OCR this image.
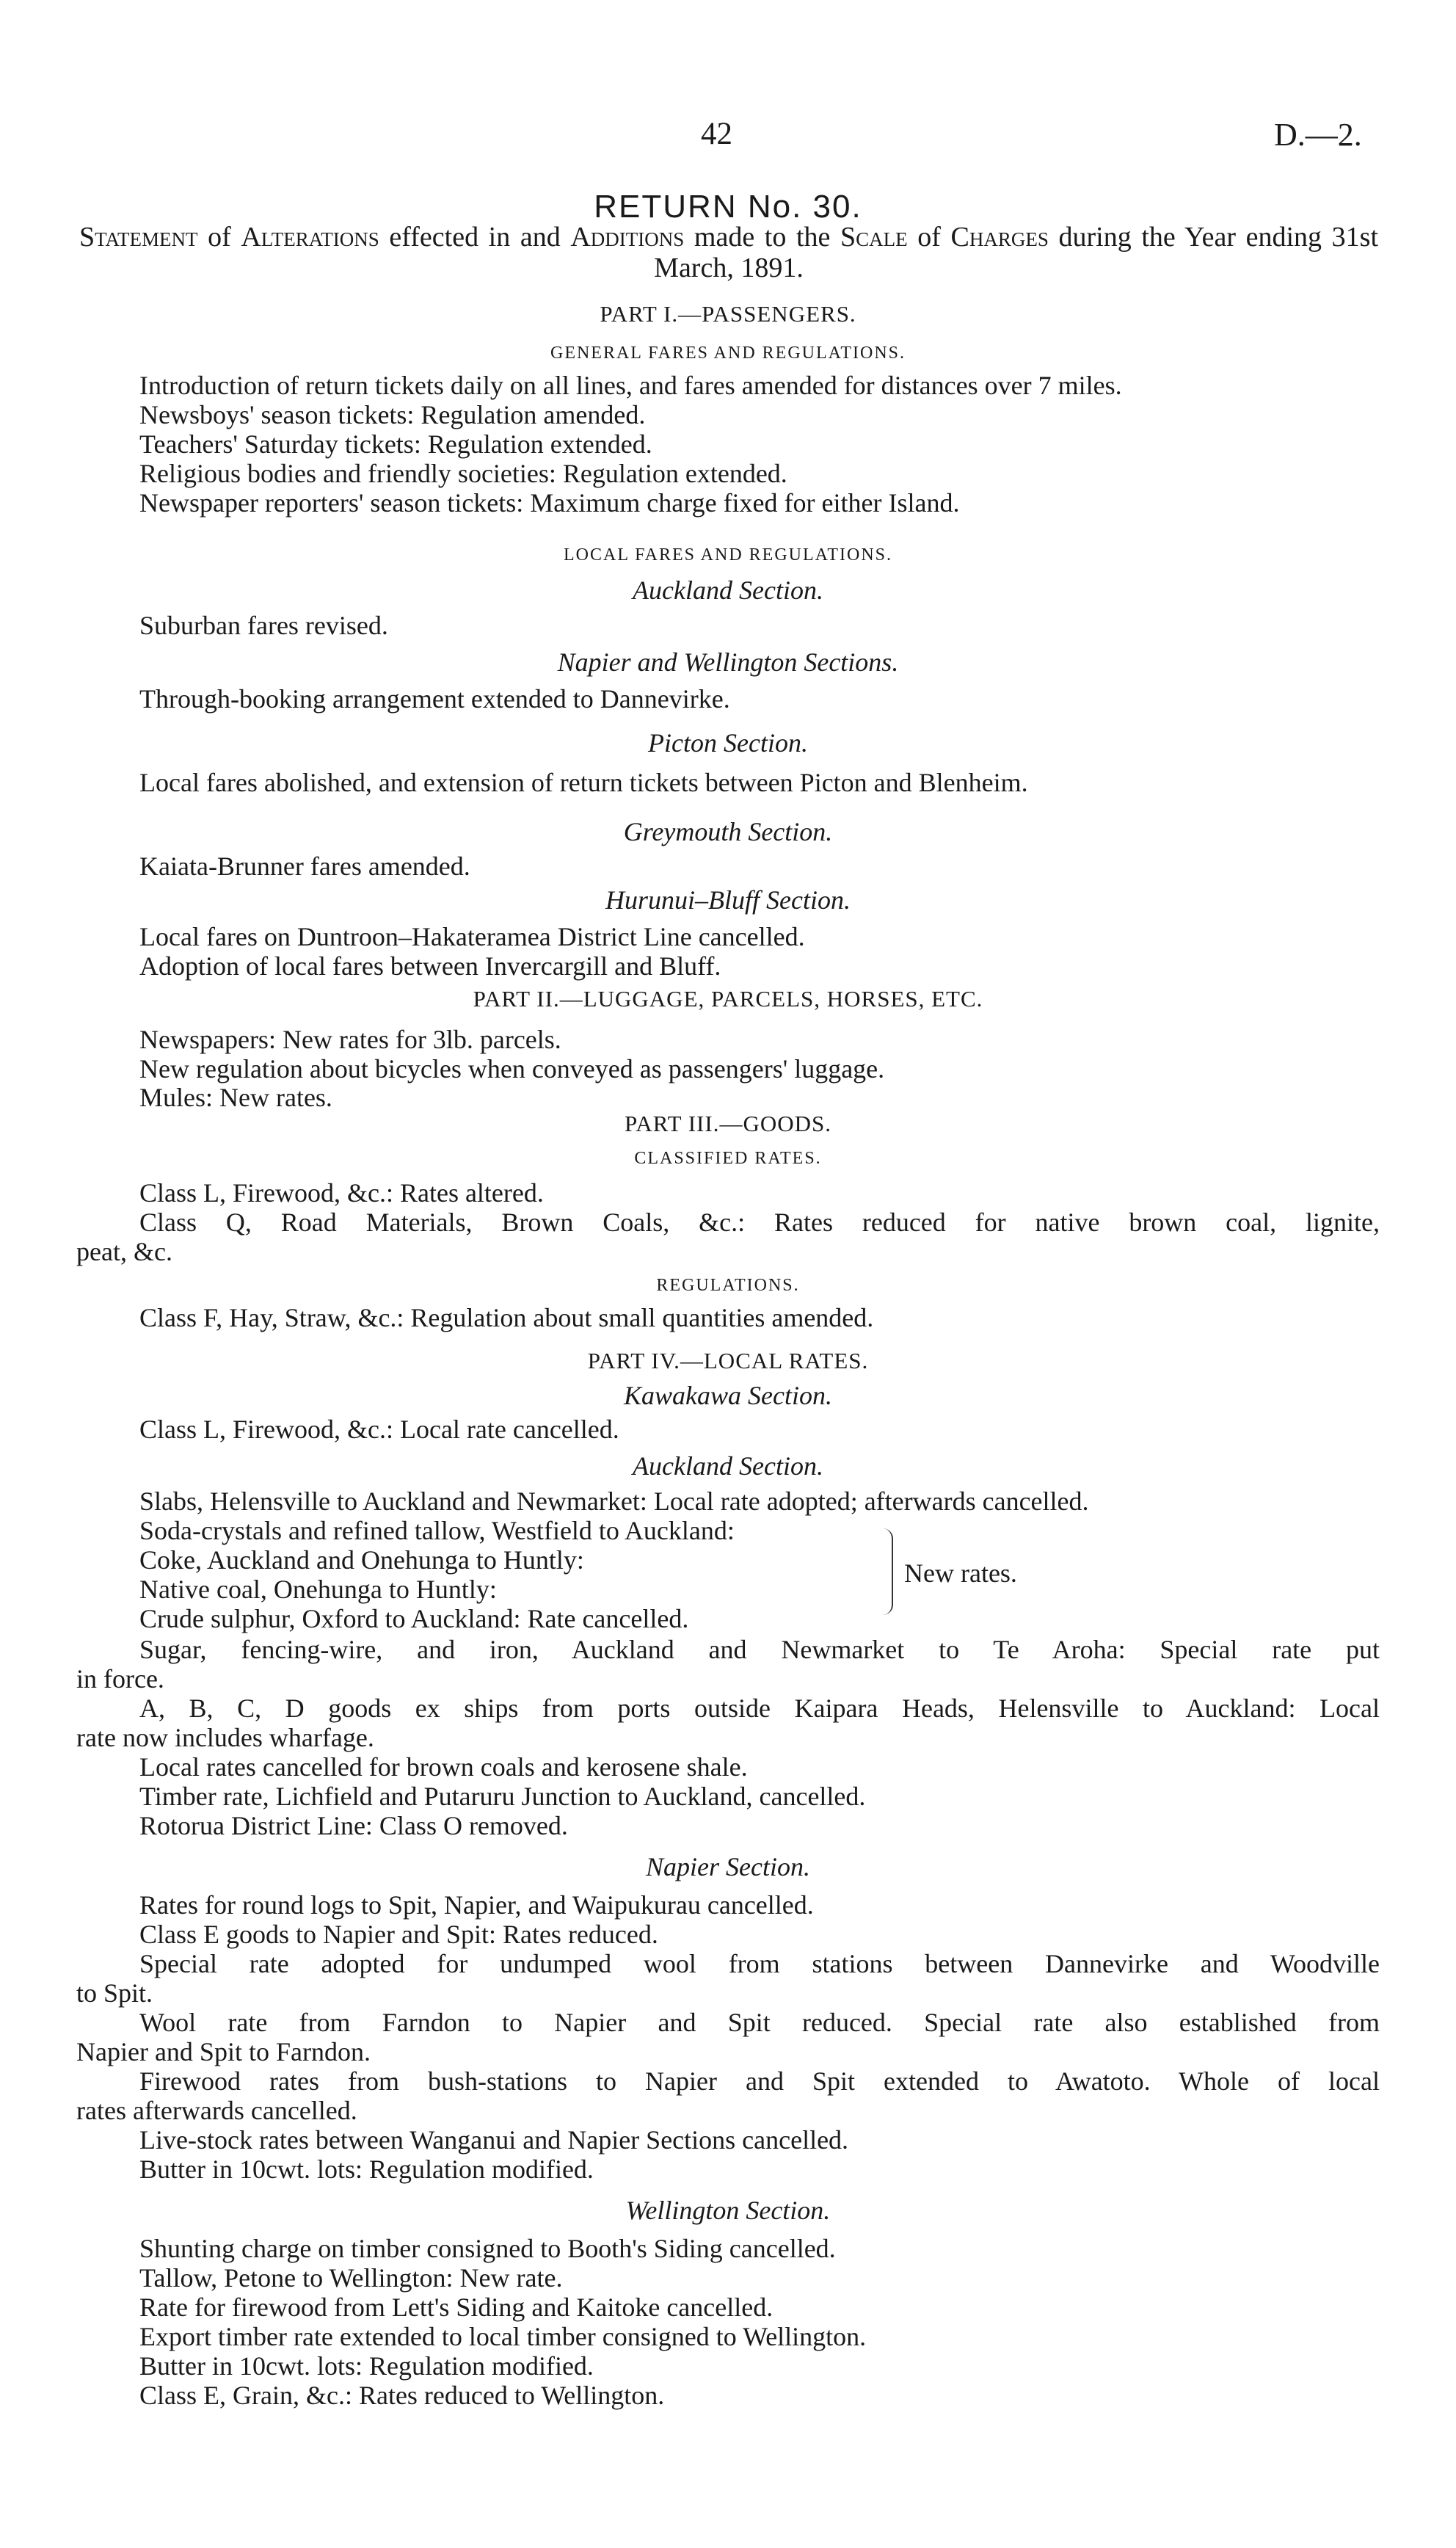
42	D.—2.
RETURN No. 30.
Statement of Alterations effected in and Additions made to the Scale of Charges during the Year ending 31st March, 1891.
PART I.—PASSENGERS.
GENERAL FARES AND REGULATIONS.
Introduction of return tickets daily on all lines, and fares amended for distances over 7 miles.
Newsboys' season tickets: Regulation amended.
Teachers' Saturday tickets: Regulation extended.
Religious bodies and friendly societies: Regulation extended.
Newspaper reporters' season tickets: Maximum charge fixed for either Island.
LOCAL FARES AND REGULATIONS.
Auckland Section.
Suburban fares revised.
Napier and Wellington Sections.
Through-booking arrangement extended to Dannevirke.
Picton Section.
Local fares abolished, and extension of return tickets between Picton and Blenheim.
Greymouth Section.
Kaiata-Brunner fares amended.
Hurunui–Bluff Section.
Local fares on Duntroon–Hakateramea District Line cancelled.
Adoption of local fares between Invercargill and Bluff.
PART II.—LUGGAGE, PARCELS, HORSES, ETC.
Newspapers: New rates for 3lb. parcels.
New regulation about bicycles when conveyed as passengers' luggage.
Mules: New rates.
PART III.—GOODS.
CLASSIFIED RATES.
Class L, Firewood, &c.: Rates altered.
Class Q, Road Materials, Brown Coals, &c.: Rates reduced for native brown coal, lignite,
peat, &c.
REGULATIONS.
Class F, Hay, Straw, &c.: Regulation about small quantities amended.
PART IV.—LOCAL RATES.
Kawakawa Section.
Class L, Firewood, &c.: Local rate cancelled.
Auckland Section.
Slabs, Helensville to Auckland and Newmarket: Local rate adopted; afterwards cancelled.
Soda-crystals and refined tallow, Westfield to Auckland:
Coke, Auckland and Onehunga to Huntly:
Native coal, Onehunga to Huntly:
New rates.
Crude sulphur, Oxford to Auckland: Rate cancelled.
Sugar, fencing-wire, and iron, Auckland and Newmarket to Te Aroha: Special rate put
in force.
A, B, C, D goods ex ships from ports outside Kaipara Heads, Helensville to Auckland: Local
rate now includes wharfage.
Local rates cancelled for brown coals and kerosene shale.
Timber rate, Lichfield and Putaruru Junction to Auckland, cancelled.
Rotorua District Line: Class O removed.
Napier Section.
Rates for round logs to Spit, Napier, and Waipukurau cancelled.
Class E goods to Napier and Spit: Rates reduced.
Special rate adopted for undumped wool from stations between Dannevirke and Woodville
to Spit.
Wool rate from Farndon to Napier and Spit reduced. Special rate also established from
Napier and Spit to Farndon.
Firewood rates from bush-stations to Napier and Spit extended to Awatoto. Whole of local
rates afterwards cancelled.
Live-stock rates between Wanganui and Napier Sections cancelled.
Butter in 10cwt. lots: Regulation modified.
Wellington Section.
Shunting charge on timber consigned to Booth's Siding cancelled.
Tallow, Petone to Wellington: New rate.
Rate for firewood from Lett's Siding and Kaitoke cancelled.
Export timber rate extended to local timber consigned to Wellington.
Butter in 10cwt. lots: Regulation modified.
Class E, Grain, &c.: Rates reduced to Wellington.
